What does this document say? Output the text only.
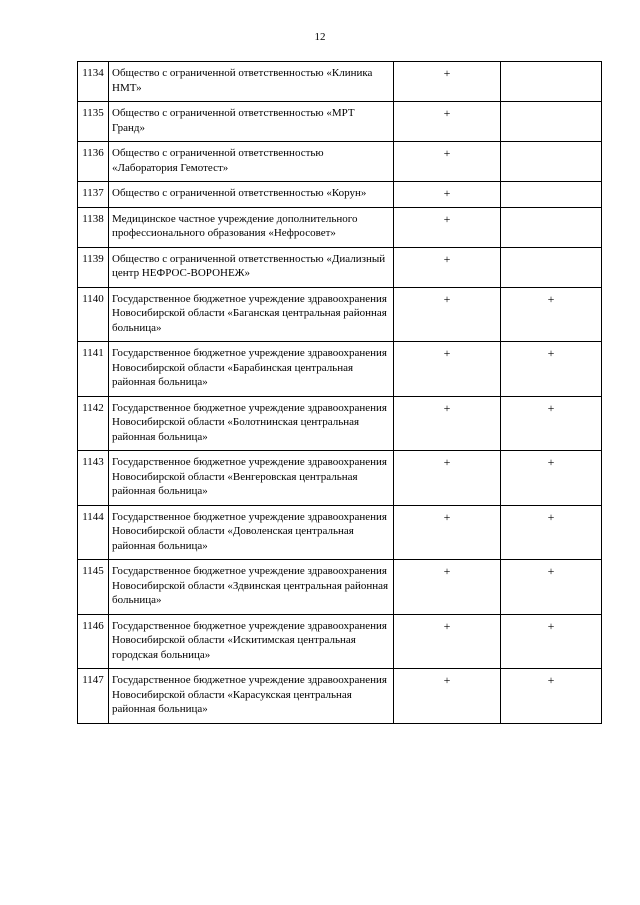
12
1134	Общество с ограниченной ответственностью «Клиника НМТ»	+	
1135	Общество с ограниченной ответственностью «МРТ Гранд»	+	
1136	Общество с ограниченной ответственностью «Лаборатория Гемотест»	+	
1137	Общество с ограниченной ответственностью «Корун»	+	
1138	Медицинское частное учреждение дополнительного профессионального образования «Нефросовет»	+	
1139	Общество с ограниченной ответственностью «Диализный центр НЕФРОС-ВОРОНЕЖ»	+	
1140	Государственное бюджетное учреждение здравоохранения Новосибирской области «Баганская центральная районная больница»	+	+
1141	Государственное бюджетное учреждение здравоохранения Новосибирской области «Барабинская центральная районная больница»	+	+
1142	Государственное бюджетное учреждение здравоохранения Новосибирской области «Болотнинская центральная районная больница»	+	+
1143	Государственное бюджетное учреждение здравоохранения Новосибирской области «Венгеровская центральная районная больница»	+	+
1144	Государственное бюджетное учреждение здравоохранения Новосибирской области «Доволенская центральная районная больница»	+	+
1145	Государственное бюджетное учреждение здравоохранения Новосибирской области «Здвинская центральная районная больница»	+	+
1146	Государственное бюджетное учреждение здравоохранения Новосибирской области «Искитимская центральная городская больница»	+	+
1147	Государственное бюджетное учреждение здравоохранения Новосибирской области «Карасукская центральная районная больница»	+	+
